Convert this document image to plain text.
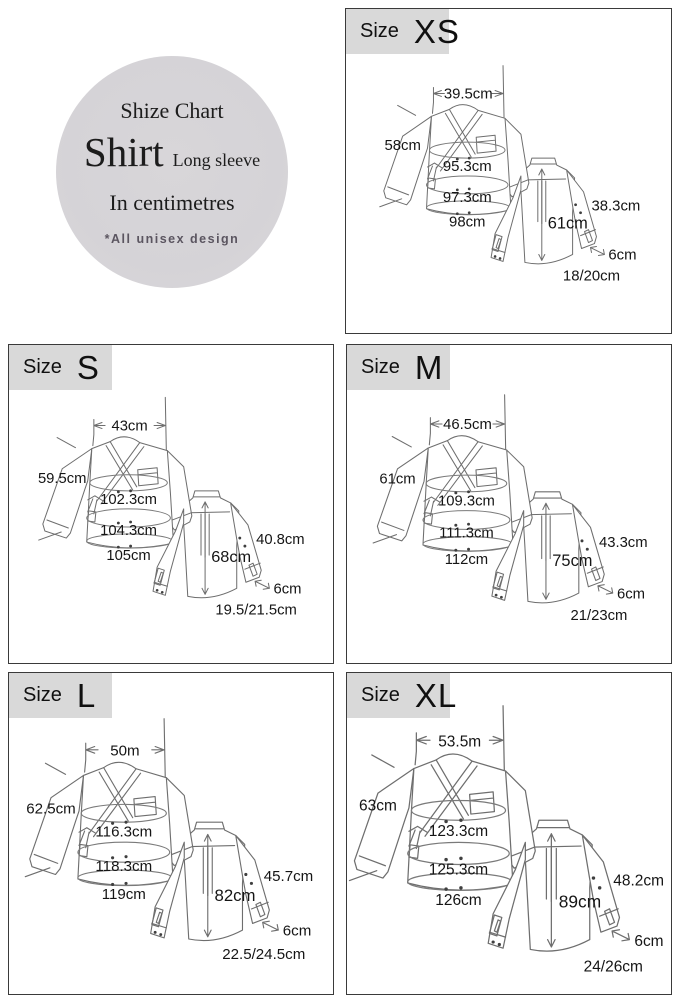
Shize Chart
Shirt Long sleeve
In centimetres
*All unisex design
39.5cm
58cm
95.3cm
97.3cm
98cm	61cm
38.3cm
6cm
18/20cm
Size XS
43cm
59.5cm
102.3cm
104.3cm
105cm	68cm
40.8cm
6cm
19.5/21.5cm
Size S
46.5cm
61cm
109.3cm
111.3cm
112cm	75cm
43.3cm
6cm
21/23cm
Size M
50m
62.5cm
116.3cm
118.3cm
119cm	82cm
45.7cm
6cm
22.5/24.5cm
Size L
53.5m
63cm
123.3cm
125.3cm
126cm	89cm
48.2cm
6cm
24/26cm
Size XL
